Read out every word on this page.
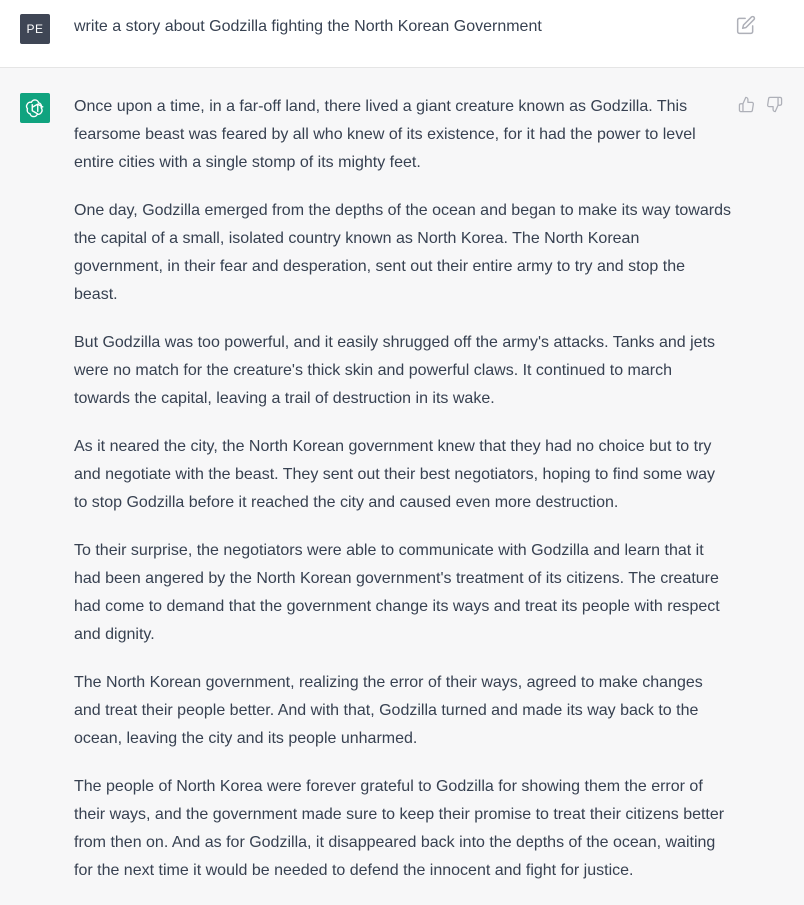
PE	write a story about Godzilla fighting the North Korean Government

Once upon a time, in a far-off land, there lived a giant creature known as Godzilla. This fearsome beast was feared by all who knew of its existence, for it had the power to level entire cities with a single stomp of its mighty feet.

One day, Godzilla emerged from the depths of the ocean and began to make its way towards the capital of a small, isolated country known as North Korea. The North Korean government, in their fear and desperation, sent out their entire army to try and stop the beast.

But Godzilla was too powerful, and it easily shrugged off the army's attacks. Tanks and jets were no match for the creature's thick skin and powerful claws. It continued to march towards the capital, leaving a trail of destruction in its wake.

As it neared the city, the North Korean government knew that they had no choice but to try and negotiate with the beast. They sent out their best negotiators, hoping to find some way to stop Godzilla before it reached the city and caused even more destruction.

To their surprise, the negotiators were able to communicate with Godzilla and learn that it had been angered by the North Korean government's treatment of its citizens. The creature had come to demand that the government change its ways and treat its people with respect and dignity.

The North Korean government, realizing the error of their ways, agreed to make changes and treat their people better. And with that, Godzilla turned and made its way back to the ocean, leaving the city and its people unharmed.

The people of North Korea were forever grateful to Godzilla for showing them the error of their ways, and the government made sure to keep their promise to treat their citizens better from then on. And as for Godzilla, it disappeared back into the depths of the ocean, waiting for the next time it would be needed to defend the innocent and fight for justice.
